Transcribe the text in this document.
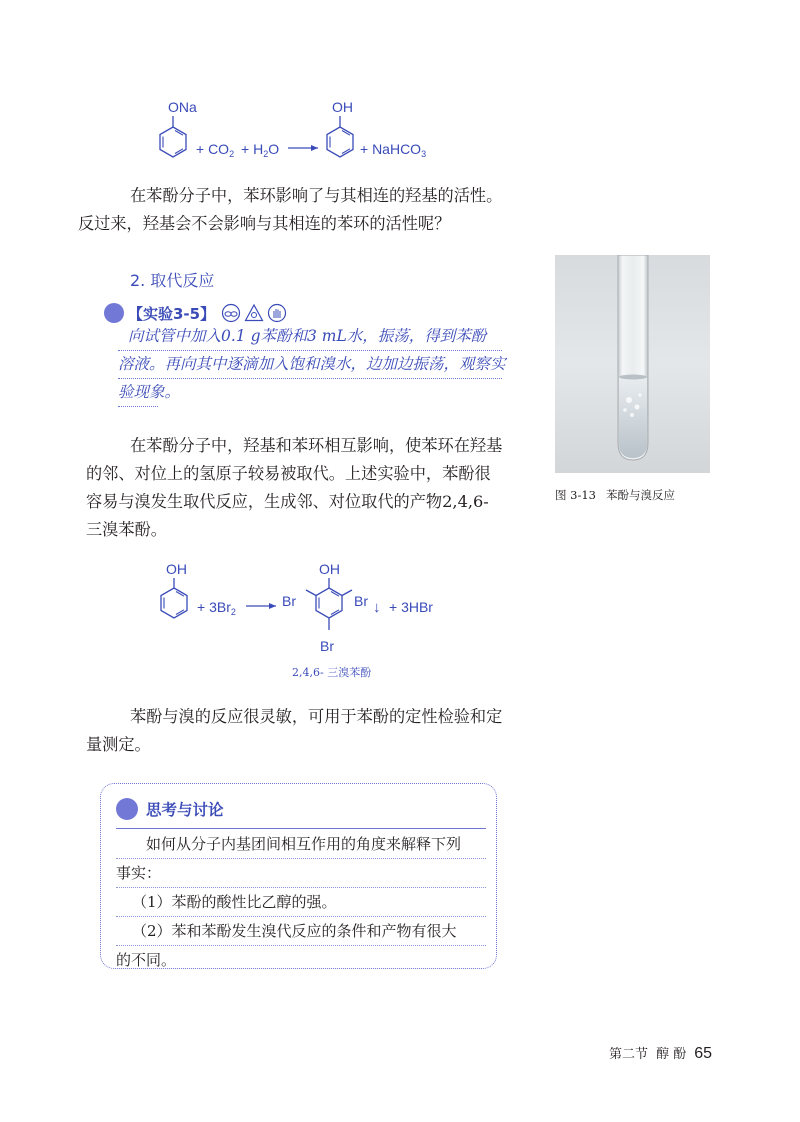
ONa
+ $CO_2 + H_2O$
OH
+ NaHCO$_3$
在苯酚分子中，苯环影响了与其相连的羟基的活性。
反过来，羟基会不会影响与其相连的苯环的活性呢？
2. 取代反应
【实验3-5】
向试管中加入0.1 g苯酚和3 mL水，振荡，得到苯酚
溶液。再向其中逐滴加入饱和溴水，边加边振荡，观察实
验现象。
图 3-13 苯酚与溴反应
在苯酚分子中，羟基和苯环相互影响，使苯环在羟基
的邻、对位上的氢原子较易被取代。上述实验中，苯酚很
容易与溴发生取代反应，生成邻、对位取代的产物2,4,6-
三溴苯酚。
OH
+ $3Br_2$
OH
Br	Br
Br
↓ + 3HBr
2,4,6- 三溴苯酚
苯酚与溴的反应很灵敏，可用于苯酚的定性检验和定
量测定。
思考与讨论
如何从分子内基团间相互作用的角度来解释下列
事实：
（1）苯酚的酸性比乙醇的强。
（2）苯和苯酚发生溴代反应的条件和产物有很大
的不同。
第二节 醇 酚 65
